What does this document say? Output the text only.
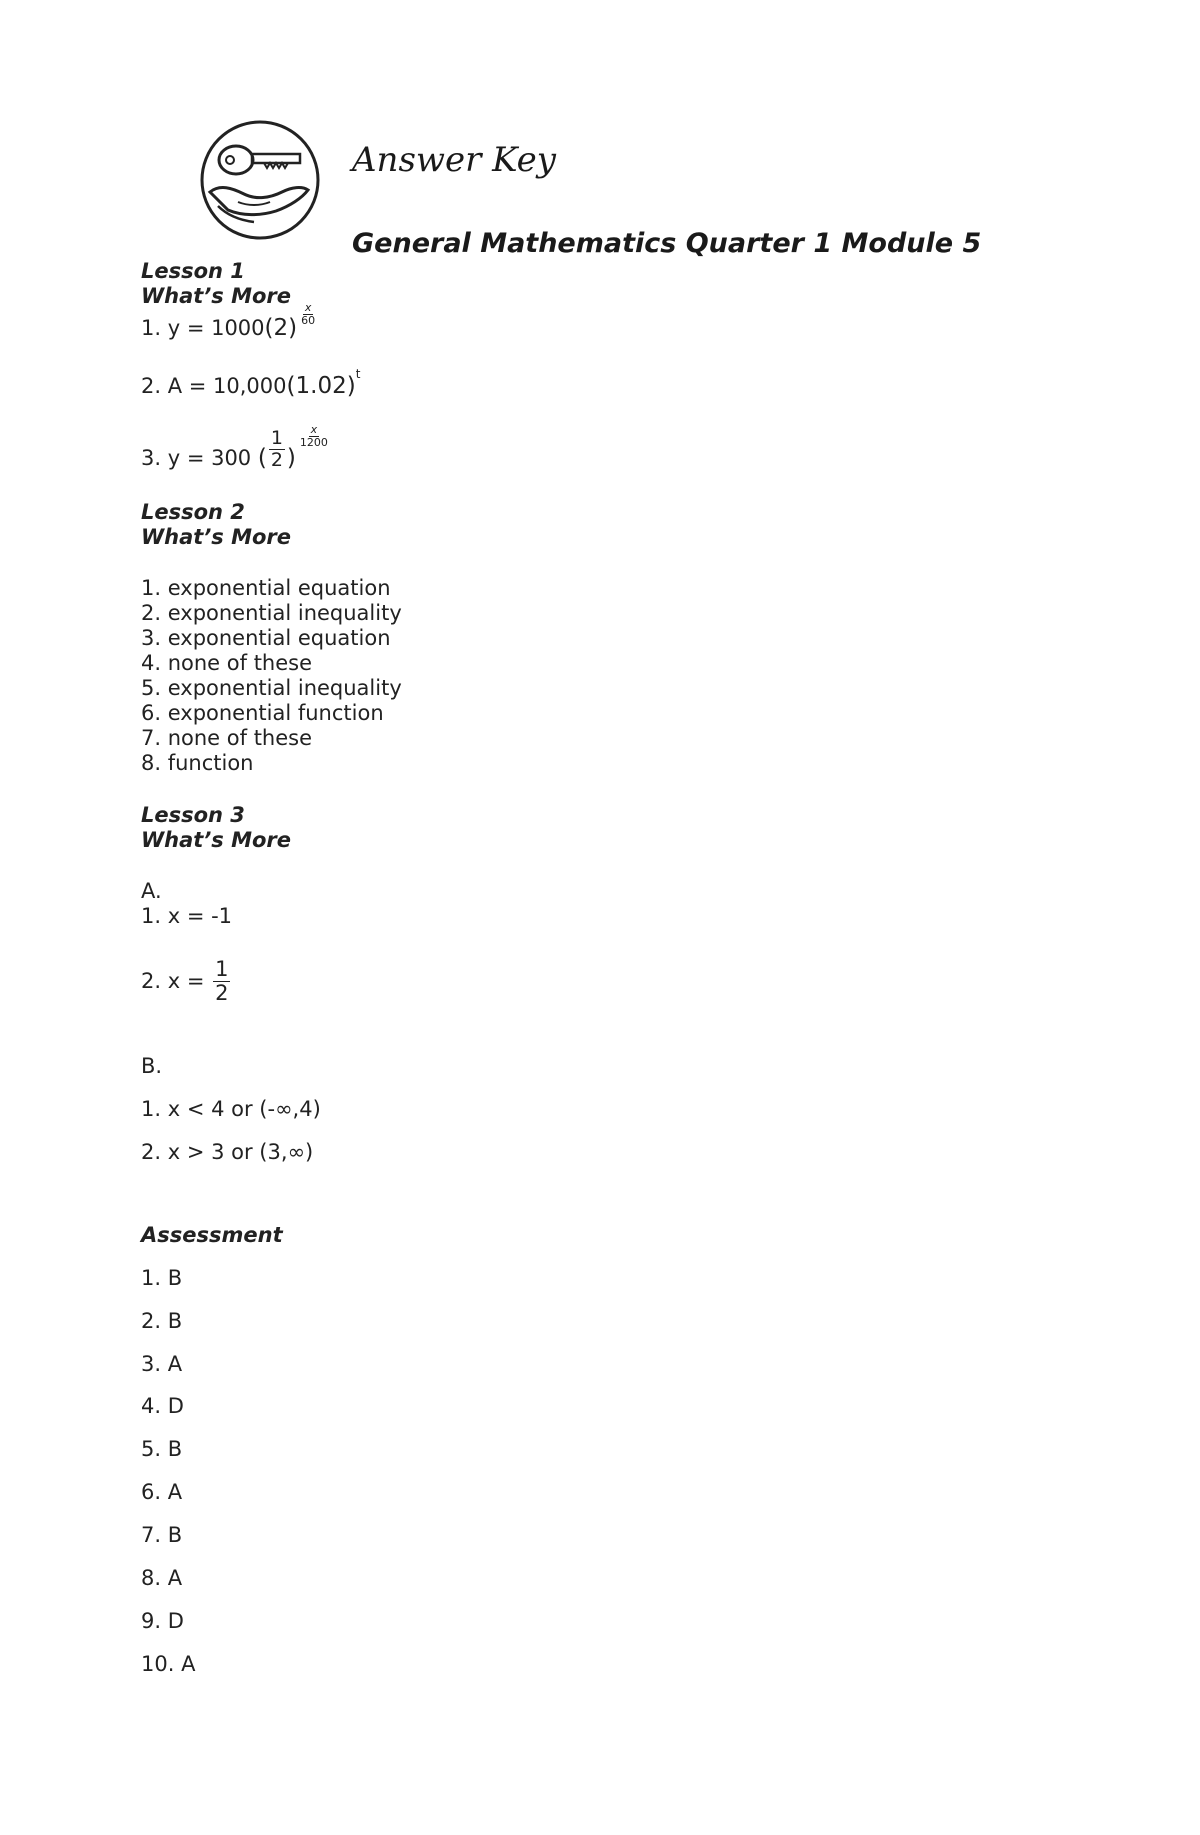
Answer Key
General Mathematics Quarter 1 Module 5
Lesson 1
What’s More
1. y = 1000 ( 2 )
$\frac{x}{60}$
2. A = 10,000 ( 1.02 )$^t$
3. y = 300 ( $\frac{1}{2}$ )
$\frac{x}{1200}$
Lesson 2
What’s More
1. exponential equation
2. exponential inequality
3. exponential equation
4. none of these
5. exponential inequality
6. exponential function
7. none of these
8. function
Lesson 3
What’s More
A.
1. x = -1
2. $x = \frac{1}{2}$
B.
1. x < 4 or (-∞,4)
2. x > 3 or (3,∞)
Assessment
1. B
2. B
3. A
4. D
5. B
6. A
7. B
8. A
9. D
10. A
